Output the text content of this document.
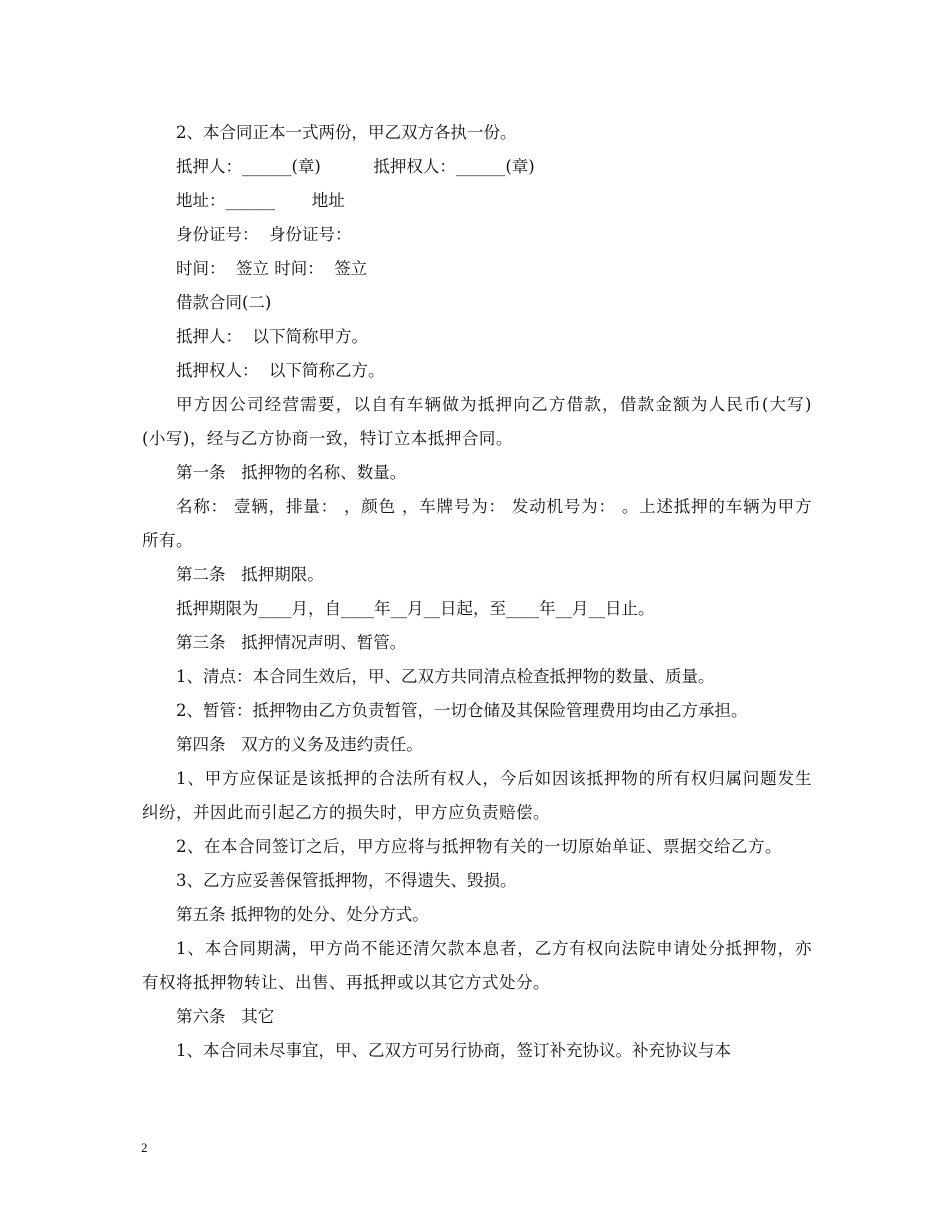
2、本合同正本一式两份，甲乙双方各执一份。
抵押人：______(章)          抵押权人：______(章)
地址：______       地址
身份证号：  身份证号：
时间：  签立 时间：  签立
借款合同(二)
抵押人：  以下简称甲方。
抵押权人：  以下简称乙方。

甲方因公司经营需要，以自有车辆做为抵押向乙方借款，借款金额为人民币(大写) (小写)，经与乙方协商一致，特订立本抵押合同。

第一条   抵押物的名称、数量。

名称： 壹辆，排量： ，颜色 ，车牌号为： 发动机号为： 。上述抵押的车辆为甲方所有。

第二条   抵押期限。
抵押期限为____月，自____年__月__日起，至____年__月__日止。
第三条   抵押情况声明、暂管。
1、清点：本合同生效后，甲、乙双方共同清点检查抵押物的数量、质量。
2、暂管：抵押物由乙方负责暂管，一切仓储及其保险管理费用均由乙方承担。
第四条   双方的义务及违约责任。

1、甲方应保证是该抵押的合法所有权人，今后如因该抵押物的所有权归属问题发生纠纷，并因此而引起乙方的损失时，甲方应负责赔偿。

2、在本合同签订之后，甲方应将与抵押物有关的一切原始单证、票据交给乙方。

3、乙方应妥善保管抵押物，不得遗失、毁损。
第五条 抵押物的处分、处分方式。

1、本合同期满，甲方尚不能还清欠款本息者，乙方有权向法院申请处分抵押物，亦有权将抵押物转让、出售、再抵押或以其它方式处分。

第六条   其它
1、本合同未尽事宜，甲、乙双方可另行协商，签订补充协议。补充协议与本
2
